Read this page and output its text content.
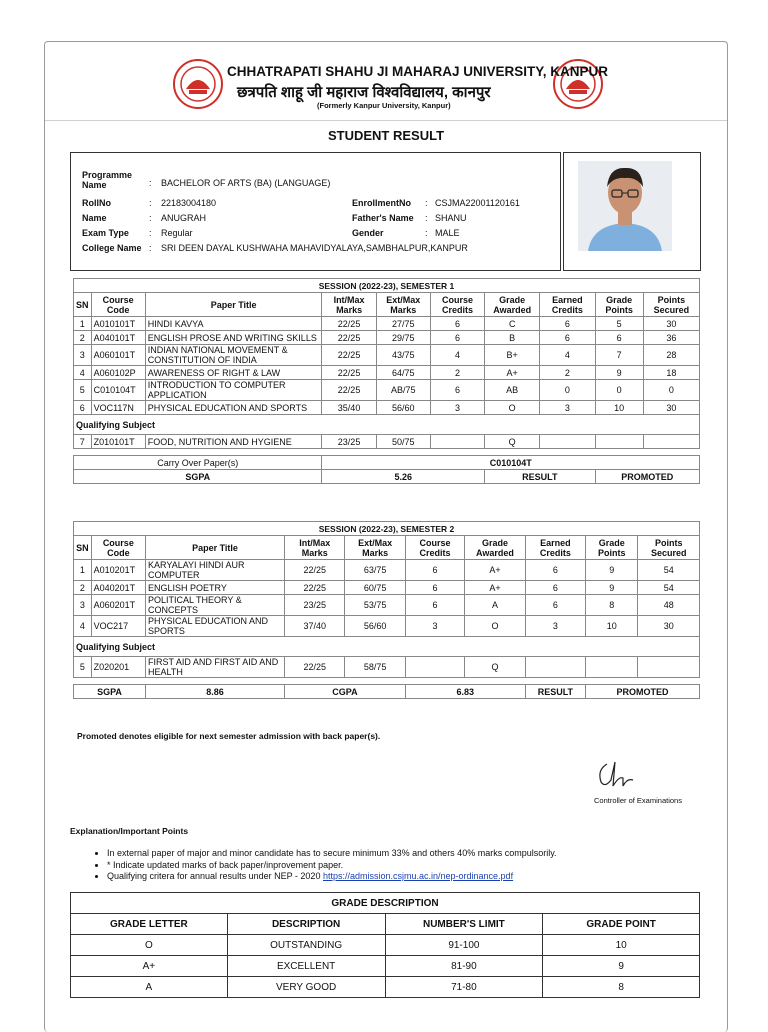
CHHATRAPATI SHAHU JI MAHARAJ UNIVERSITY, KANPUR
छत्रपति शाहू जी महाराज विश्वविद्यालय, कानपुर
(Formerly Kanpur University, Kanpur)
STUDENT RESULT
Programme Name	: BACHELOR OF ARTS (BA) (LANGUAGE)
RollNo	: 22183004180	EnrollmentNo : CSJMA22001120161
Name	: ANUGRAH	Father's Name : SHANU
Exam Type : Regular	Gender	: MALE
College Name : SRI DEEN DAYAL KUSHWAHA MAHAVIDYALAYA,SAMBHALPUR,KANPUR
SESSION (2022-23), SEMESTER 1									
SN	Course Code	Paper Title	Int/Max Marks	Ext/Max Marks	Course Credits	Grade Awarded	Earned Credits	Grade Points	Points Secured
1	A010101T	HINDI KAVYA	22/25	27/75	6	C	6	5	30
2	A040101T	ENGLISH PROSE AND WRITING SKILLS	22/25	29/75	6	B	6	6	36
3	A060101T	INDIAN NATIONAL MOVEMENT & CONSTITUTION OF INDIA	22/25	43/75	4	B+	4	7	28
4	A060102P	AWARENESS OF RIGHT & LAW	22/25	64/75	2	A+	2	9	18
5	C010104T	INTRODUCTION TO COMPUTER APPLICATION	22/25	AB/75	6	AB	0	0	0
6	VOC117N	PHYSICAL EDUCATION AND SPORTS	35/40	56/60	3	O	3	10	30
Qualifying Subject									
7	Z010101T	FOOD, NUTRITION AND HYGIENE	23/25	50/75		Q			

Carry Over Paper(s)			C010104T						
SGPA			5.26			RESULT		PROMOTED	
SESSION (2022-23), SEMESTER 2									
SN	Course Code	Paper Title	Int/Max Marks	Ext/Max Marks	Course Credits	Grade Awarded	Earned Credits	Grade Points	Points Secured
1	A010201T	KARYALAYI HINDI AUR COMPUTER	22/25	63/75	6	A+	6	9	54
2	A040201T	ENGLISH POETRY	22/25	60/75	6	A+	6	9	54
3	A060201T	POLITICAL THEORY & CONCEPTS	23/25	53/75	6	A	6	8	48
4	VOC217	PHYSICAL EDUCATION AND SPORTS	37/40	56/60	3	O	3	10	30
Qualifying Subject									
5	Z020201	FIRST AID AND FIRST AID AND HEALTH	22/25	58/75		Q			

SGPA		8.86	CGPA		6.83		RESULT	PROMOTED	
Promoted denotes eligible for next semester admission with back paper(s).
Controller of Examinations
Explanation/Important Points
• In external paper of major and minor candidate has to secure minimum 33% and others 40% marks compulsorily.
• * Indicate updated marks of back paper/inprovement paper.
• Qualifying critera for annual results under NEP - 2020 https://admission.csjmu.ac.in/nep-ordinance.pdf
GRADE DESCRIPTION			
GRADE LETTER	DESCRIPTION	NUMBER'S LIMIT	GRADE POINT
O	OUTSTANDING	91-100	10
A+	EXCELLENT	81-90	9
A	VERY GOOD	71-80	8
